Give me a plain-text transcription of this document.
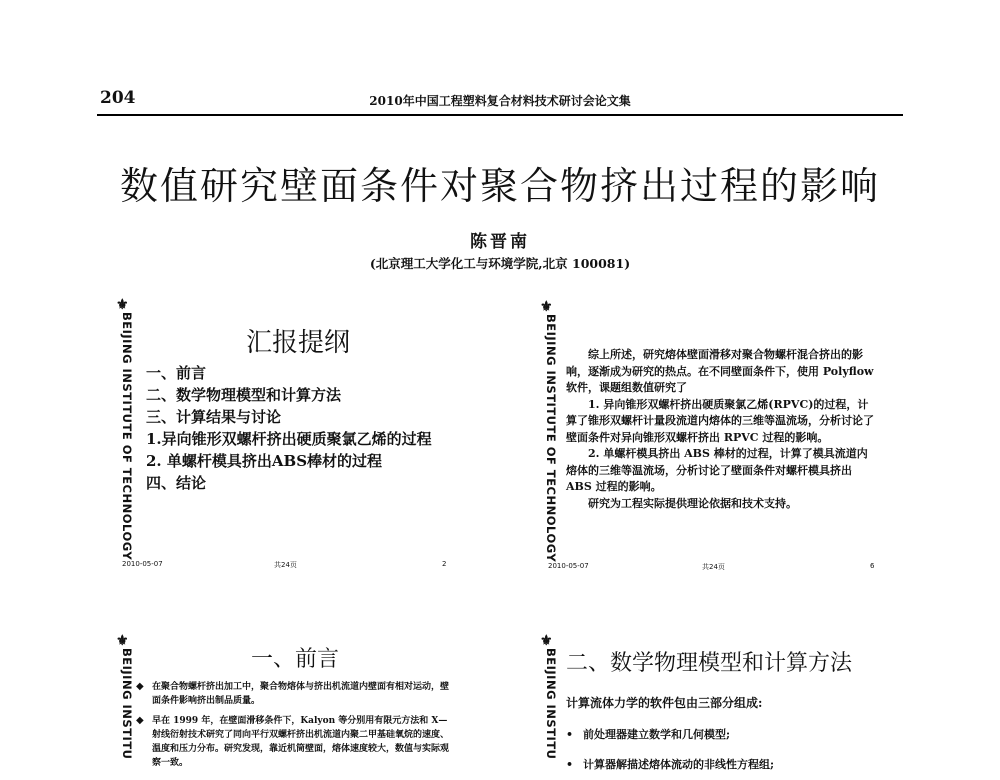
204	2010年中国工程塑料复合材料技术研讨会论文集
数值研究壁面条件对聚合物挤出过程的影响
陈晋南
(北京理工大学化工与环境学院,北京 100081)
⚜
BEIJING INSTITUTE OF TECHNOLOGY	汇报提纲
一、前言
二、数学物理模型和计算方法
三、计算结果与讨论
1.异向锥形双螺杆挤出硬质聚氯乙烯的过程
2. 单螺杆模具挤出ABS棒材的过程
四、结论
2010-05-07	共24页	2
⚜
BEIJING INSTITUTE OF TECHNOLOGY	综上所述，研究熔体壁面滑移对聚合物螺杆混合挤出的影响，逐渐成为研究的热点。在不同壁面条件下，使用 Polyflow 软件，课题组数值研究了

1. 异向锥形双螺杆挤出硬质聚氯乙烯(RPVC)的过程，计算了锥形双螺杆计量段流道内熔体的三维等温流场，分析讨论了壁面条件对异向锥形双螺杆挤出 RPVC 过程的影响。

2. 单螺杆模具挤出 ABS 棒材的过程，计算了模具流道内熔体的三维等温流场，分析讨论了壁面条件对螺杆模具挤出 ABS 过程的影响。

研究为工程实际提供理论依据和技术支持。

2010-05-07	共24页	6
⚜
BEIJING INSTITU	一、前言
◆ 在聚合物螺杆挤出加工中，聚合物熔体与挤出机流道内壁面有相对运动，壁面条件影响挤出制品质量。
◆ 早在 1999 年，在壁面滑移条件下，Kalyon 等分别用有限元方法和 X—射线衍射技术研究了同向平行双螺杆挤出机流道内聚二甲基硅氧烷的速度、温度和压力分布。研究发现，靠近机筒壁面，熔体速度较大，数值与实际观察一致。
⚜
BEIJING INSTITU 二、数学物理模型和计算方法
计算流体力学的软件包由三部分组成:
• 前处理器建立数学和几何模型;
• 计算器解描述熔体流动的非线性方程组;
